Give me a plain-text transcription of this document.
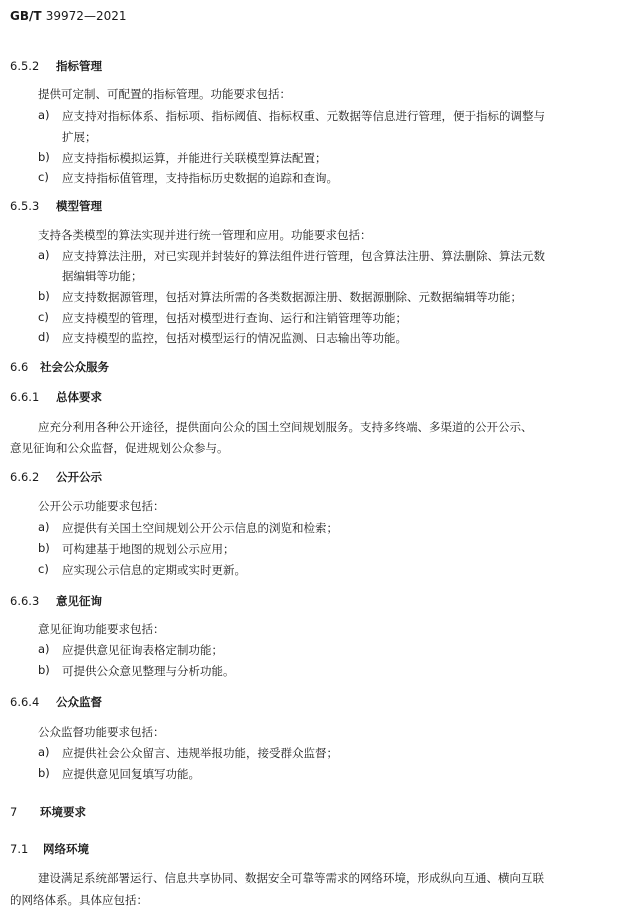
GB/T 39972—2021
6.5.2 指标管理
提供可定制、可配置的指标管理。功能要求包括：
a) 应支持对指标体系、指标项、指标阈值、指标权重、元数据等信息进行管理，便于指标的调整与
扩展；
b) 应支持指标模拟运算，并能进行关联模型算法配置；
c) 应支持指标值管理，支持指标历史数据的追踪和查询。
6.5.3 模型管理
支持各类模型的算法实现并进行统一管理和应用。功能要求包括：
a) 应支持算法注册，对已实现并封装好的算法组件进行管理，包含算法注册、算法删除、算法元数
据编辑等功能；
b) 应支持数据源管理，包括对算法所需的各类数据源注册、数据源删除、元数据编辑等功能；
c) 应支持模型的管理，包括对模型进行查询、运行和注销管理等功能；
d) 应支持模型的监控，包括对模型运行的情况监测、日志输出等功能。
6.6 社会公众服务
6.6.1 总体要求
应充分利用各种公开途径，提供面向公众的国土空间规划服务。支持多终端、多渠道的公开公示、
意见征询和公众监督，促进规划公众参与。
6.6.2 公开公示
公开公示功能要求包括：
a) 应提供有关国土空间规划公开公示信息的浏览和检索；
b) 可构建基于地图的规划公示应用；
c) 应实现公示信息的定期或实时更新。
6.6.3 意见征询
意见征询功能要求包括：
a) 应提供意见征询表格定制功能；
b) 可提供公众意见整理与分析功能。
6.6.4 公众监督
公众监督功能要求包括：
a) 应提供社会公众留言、违规举报功能，接受群众监督；
b) 应提供意见回复填写功能。
7 环境要求
7.1 网络环境
建设满足系统部署运行、信息共享协同、数据安全可靠等需求的网络环境，形成纵向互通、横向互联
的网络体系。具体应包括：
